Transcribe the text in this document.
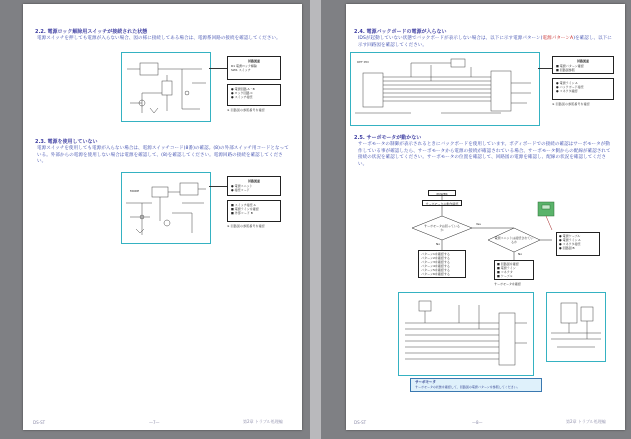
2.2. 電源ロック解除用スイッチが接続された状態
電源スイッチを押しても電源が入らない場合、図の様に接続してある場合は、電源系回路の接続を確認してください。
回路図面
R1 電源ロック解除
SW1 スイッチ
● 電源回路 A・B
● ロック回路 C
● スイッチ接続
※ 回路図の参照番号を確認
2.3. 電源を使用していない
電源スイッチを使用しても電源が入らない場合は、電源スイッチコード(8番)の確認。(8)の外部スイッチ用コードとなっている。外部からの電源を使用しない場合は電源を確認して、(8)を確認してください。電源回路の接続を確認してください。
MODE
回路図面
● 電源ユニット
● 接続コード
■ スイッチ接続 A
■ 電源ラインを確認
■ 外部コード B
※ 回路図の参照番号を確認
DS-ST	—7—	第2章 トラブル処理編
2.4. 電源バックボードの電源が入らない
IDSが起動していない状態でバックボードが表示しない場合は、以下に示す電源パターン(電源パターンA)を確認し、以下に示す回路図を確認してください。
REF PIN	回路図面
■ 電源パターン確認
■ 回路図参照
● 電源ライン A
● バックボード接続
● コネクタ確認
※ 回路図の参照番号を確認
2.5. サーボモータが動かない
サーボモータの制御が表示されるときにバックボードを使用しています。ボディボードでの接続の確認はサーボモータが動作している事が確認したら、サーボモータから電源の接続が確認されている場合、サーボモータ側からの配線が確認されて接続の状況を確認してください。サーボモータの位置を確認して、回路図の電源を確認し、配線の状況を確認してください。
POWER
サーボモータの動作確認
サーボモータは回っているか
電源ユニットは接続されているか
Yes
No
No
パターン1を確認する
パターン2を確認する
パターン3を確認する
パターン4を確認する
パターン5を確認する
パターン6を確認する
■ 回路図を確認
■ 電源ライン
■ コネクタ
■ ケーブル
サーボモータを確認
● 電源ケーブル
● 電源ライン A
● コネクタ接続
● 回路図 B
サーボモータ
サーボモータの状態を確認して、回路図の電源パターンを参照してください。
DS-ST	—8—	第2章 トラブル処理編
